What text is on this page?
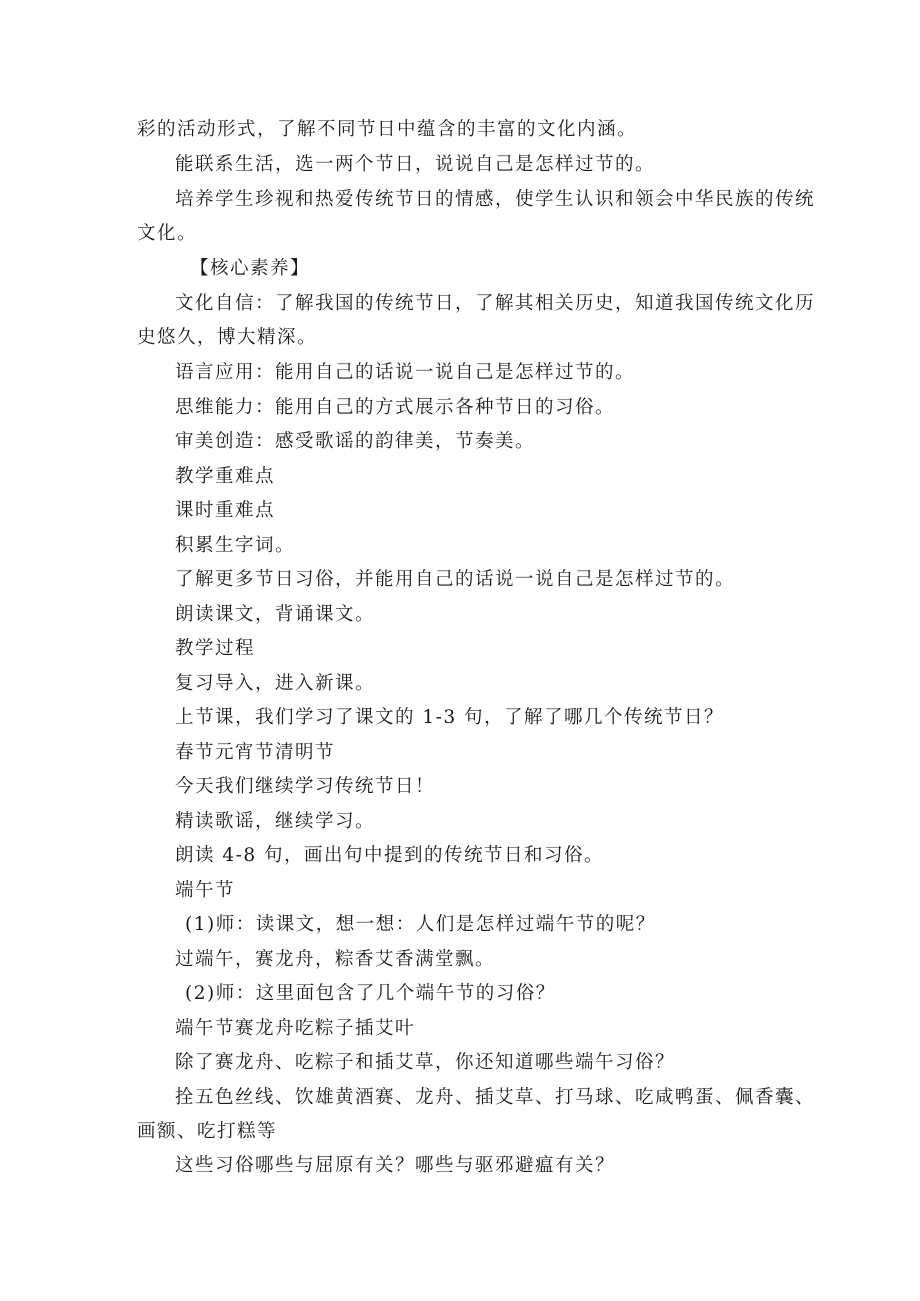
彩的活动形式，了解不同节日中蕴含的丰富的文化内涵。
能联系生活，选一两个节日，说说自己是怎样过节的。
培养学生珍视和热爱传统节日的情感，使学生认识和领会中华民族的传统
文化。
【核心素养】
文化自信：了解我国的传统节日，了解其相关历史，知道我国传统文化历
史悠久，博大精深。
语言应用：能用自己的话说一说自己是怎样过节的。
思维能力：能用自己的方式展示各种节日的习俗。
审美创造：感受歌谣的韵律美，节奏美。
教学重难点
课时重难点
积累生字词。
了解更多节日习俗，并能用自己的话说一说自己是怎样过节的。
朗读课文，背诵课文。
教学过程
复习导入，进入新课。
上节课，我们学习了课文的 1-3 句，了解了哪几个传统节日？
春节元宵节清明节
今天我们继续学习传统节日！
精读歌谣，继续学习。
朗读 4-8 句，画出句中提到的传统节日和习俗。
端午节
(1)师：读课文，想一想：人们是怎样过端午节的呢？
过端午，赛龙舟，粽香艾香满堂飘。
(2)师：这里面包含了几个端午节的习俗？
端午节赛龙舟吃粽子插艾叶
除了赛龙舟、吃粽子和插艾草，你还知道哪些端午习俗？
拴五色丝线、饮雄黄酒赛、龙舟、插艾草、打马球、吃咸鸭蛋、佩香囊、
画额、吃打糕等
这些习俗哪些与屈原有关？哪些与驱邪避瘟有关？
